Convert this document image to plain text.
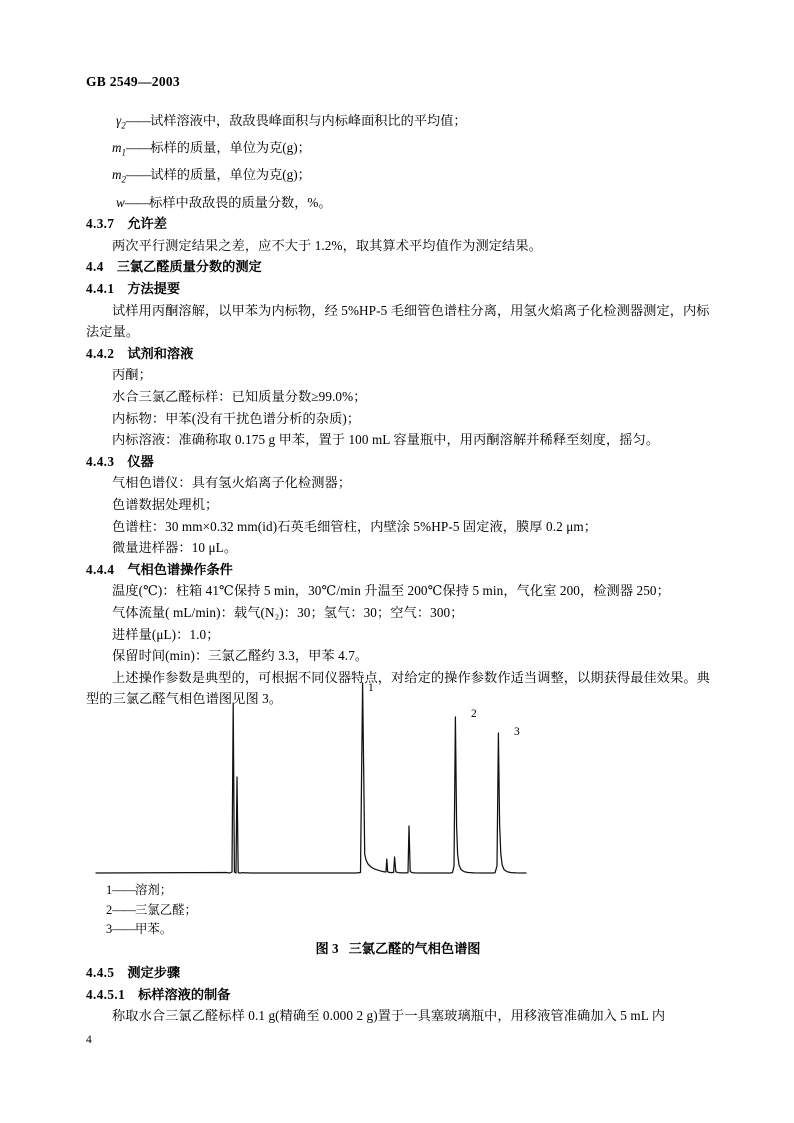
GB 2549—2003
$\gamma_2——$试样溶液中，敌敌畏峰面积与内标峰面积比的平均值；
$m_1——$标样的质量，单位为克(g)；
$m_2——$试样的质量，单位为克(g)；
w——标样中敌敌畏的质量分数，%。
4.3.7 允许差
两次平行测定结果之差，应不大于 1.2%，取其算术平均值作为测定结果。
4.4 三氯乙醛质量分数的测定
4.4.1 方法提要
试样用丙酮溶解，以甲苯为内标物，经 5%HP-5 毛细管色谱柱分离，用氢火焰离子化检测器测定，内标法定量。
4.4.2 试剂和溶液
丙酮；
水合三氯乙醛标样：已知质量分数≥99.0%；
内标物：甲苯(没有干扰色谱分析的杂质)；
内标溶液：准确称取 0.175 g 甲苯，置于 100 mL 容量瓶中，用丙酮溶解并稀释至刻度，摇匀。
4.4.3 仪器
气相色谱仪：具有氢火焰离子化检测器；
色谱数据处理机；
色谱柱：30 mm×0.32 mm(id)石英毛细管柱，内壁涂 5%HP-5 固定液，膜厚 0.2 μm；
微量进样器：10 μL。
4.4.4 气相色谱操作条件
温度(℃)：柱箱 41℃保持 5 min，30℃/min 升温至 200℃保持 5 min，气化室 200，检测器 250；
气体流量( mL/min)：载气(N₂)：30；氢气：30；空气：300；
进样量(μL)：1.0；
保留时间(min)：三氯乙醛约 3.3，甲苯 4.7。
上述操作参数是典型的，可根据不同仪器特点，对给定的操作参数作适当调整，以期获得最佳效果。典型的三氯乙醛气相色谱图见图 3。
1
2
3
1——溶剂；
2——三氯乙醛；
3——甲苯。
图 3 三氯乙醛的气相色谱图
4.4.5 测定步骤
4.4.5.1 标样溶液的制备
称取水合三氯乙醛标样 0.1 g(精确至 0.000 2 g)置于一具塞玻璃瓶中，用移液管准确加入 5 mL 内
4
